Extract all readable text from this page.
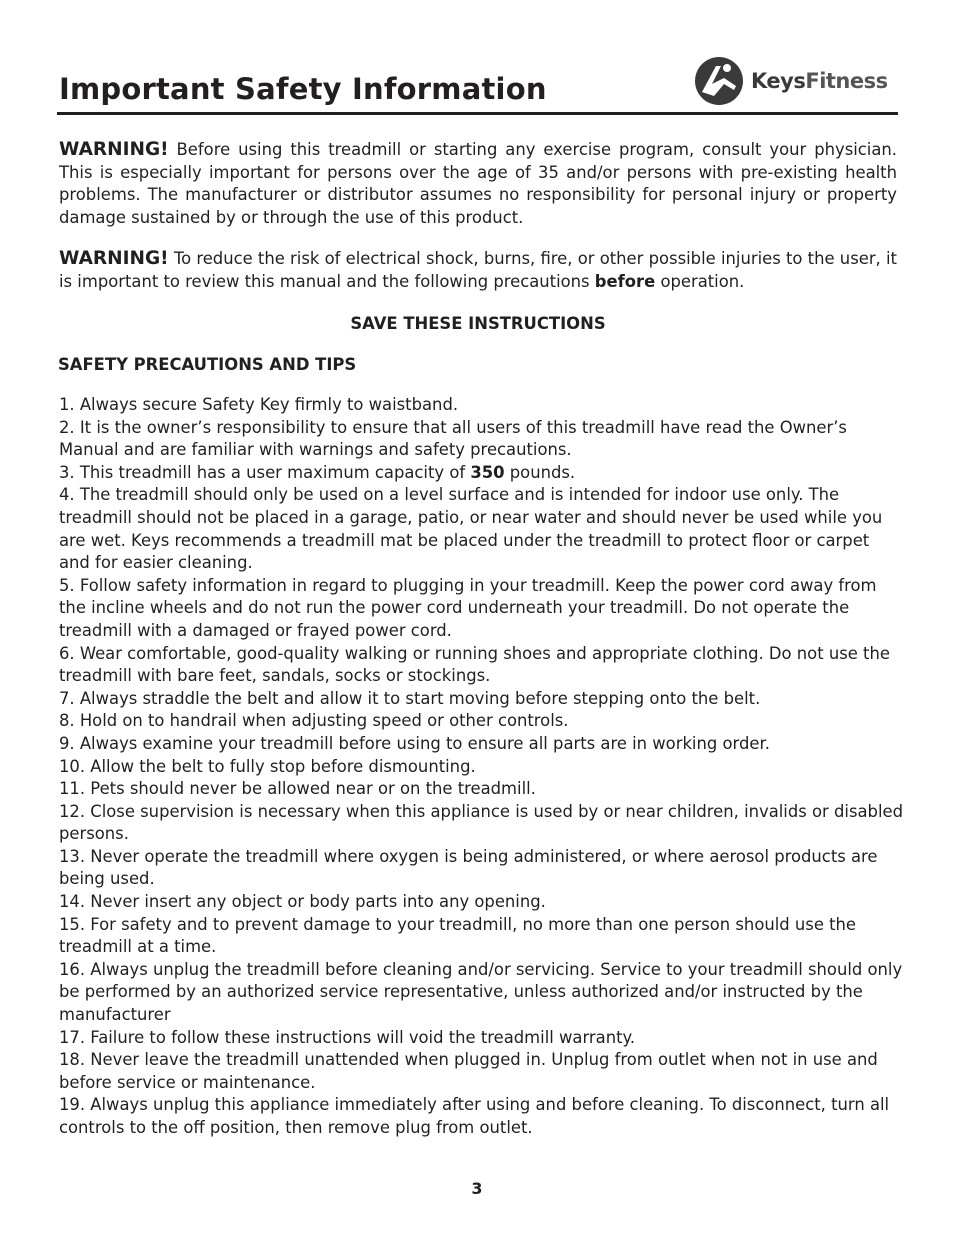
Important Safety Information	KeysFitness

WARNING! Before using this treadmill or starting any exercise program, consult your physician. This is especially important for persons over the age of 35 and/or persons with pre-existing health problems. The manufacturer or distributor assumes no responsibility for personal injury or property damage sustained by or through the use of this product.

WARNING! To reduce the risk of electrical shock, burns, fire, or other possible injuries to the user, it is important to review this manual and the following precautions before operation.

SAVE THESE INSTRUCTIONS

SAFETY PRECAUTIONS AND TIPS

1. Always secure Safety Key firmly to waistband.
2. It is the owner’s responsibility to ensure that all users of this treadmill have read the Owner’s Manual and are familiar with warnings and safety precautions.
3. This treadmill has a user maximum capacity of 350 pounds.
4. The treadmill should only be used on a level surface and is intended for indoor use only. The treadmill should not be placed in a garage, patio, or near water and should never be used while you are wet. Keys recommends a treadmill mat be placed under the treadmill to protect floor or carpet and for easier cleaning.
5. Follow safety information in regard to plugging in your treadmill. Keep the power cord away from the incline wheels and do not run the power cord underneath your treadmill. Do not operate the treadmill with a damaged or frayed power cord.
6. Wear comfortable, good-quality walking or running shoes and appropriate clothing. Do not use the treadmill with bare feet, sandals, socks or stockings.
7. Always straddle the belt and allow it to start moving before stepping onto the belt.
8. Hold on to handrail when adjusting speed or other controls.
9. Always examine your treadmill before using to ensure all parts are in working order.
10. Allow the belt to fully stop before dismounting.
11. Pets should never be allowed near or on the treadmill.
12. Close supervision is necessary when this appliance is used by or near children, invalids or disabled persons.
13. Never operate the treadmill where oxygen is being administered, or where aerosol products are being used.
14. Never insert any object or body parts into any opening.
15. For safety and to prevent damage to your treadmill, no more than one person should use the treadmill at a time.
16. Always unplug the treadmill before cleaning and/or servicing. Service to your treadmill should only be performed by an authorized service representative, unless authorized and/or instructed by the manufacturer
17. Failure to follow these instructions will void the treadmill warranty.
18. Never leave the treadmill unattended when plugged in. Unplug from outlet when not in use and before service or maintenance.
19. Always unplug this appliance immediately after using and before cleaning. To disconnect, turn all controls to the off position, then remove plug from outlet.

3
